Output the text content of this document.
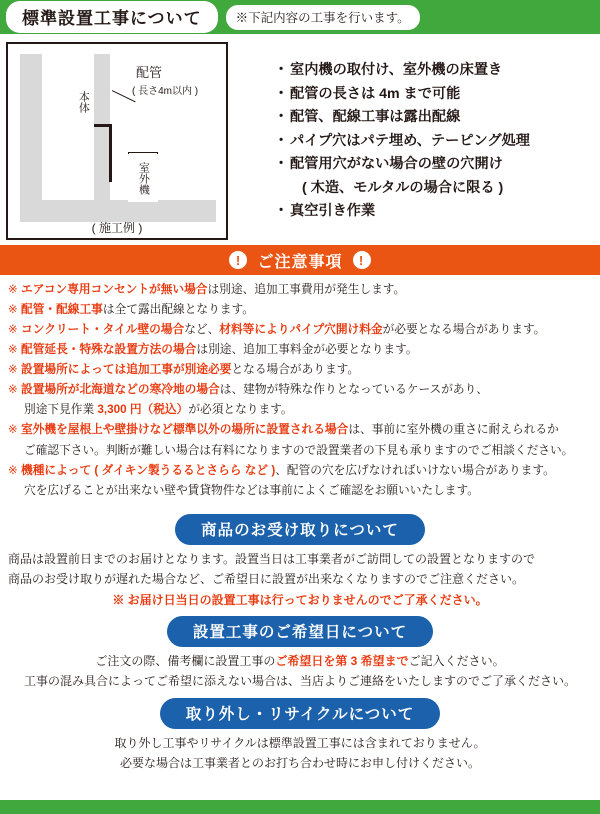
標準設置工事について	※下記内容の工事を行います。
本体
配管
( 長さ4m以内 )
室外機
( 施工例 )
・ 室内機の取付け、室外機の床置き
・ 配管の長さは 4m まで可能
・ 配管、配線工事は露出配線
・ パイプ穴はパテ埋め、テーピング処理
・ 配管用穴がない場合の壁の穴開け
( 木造、モルタルの場合に限る )
・ 真空引き作業
!	ご注意事項	!

※ エアコン専用コンセントが無い場合は別途、追加工事費用が発生します。

※ 配管・配線工事は全て露出配線となります。

※ コンクリート・タイル壁の場合など、材料等によりパイプ穴開け料金が必要となる場合があります。

※ 配管延長・特殊な設置方法の場合は別途、追加工事料金が必要となります。

※ 設置場所によっては追加工事が別途必要となる場合があります。

※ 設置場所が北海道などの寒冷地の場合は、建物が特殊な作りとなっているケースがあり、

別途下見作業 3,300 円（税込）が必須となります。

※ 室外機を屋根上や壁掛けなど標準以外の場所に設置される場合は、事前に室外機の重さに耐えられるか

ご確認下さい。判断が難しい場合は有料になりますので設置業者の下見も承りますのでご相談ください。

※ 機種によって ( ダイキン製うるるとさらら など )、配管の穴を広げなければいけない場合があります。

穴を広げることが出来ない壁や賃貸物件などは事前によくご確認をお願いいたします。

商品のお受け取りについて

商品は設置前日までのお届けとなります。設置当日は工事業者がご訪問しての設置となりますので

商品のお受け取りが遅れた場合など、ご希望日に設置が出来なくなりますのでご注意ください。

※ お届け日当日の設置工事は行っておりませんのでご了承ください。

設置工事のご希望日について

ご注文の際、備考欄に設置工事のご希望日を第 3 希望までご記入ください。

工事の混み具合によってご希望に添えない場合は、当店よりご連絡をいたしますのでご了承ください。

取り外し・リサイクルについて

取り外し工事やリサイクルは標準設置工事には含まれておりません。

必要な場合は工事業者とのお打ち合わせ時にお申し付けください。
